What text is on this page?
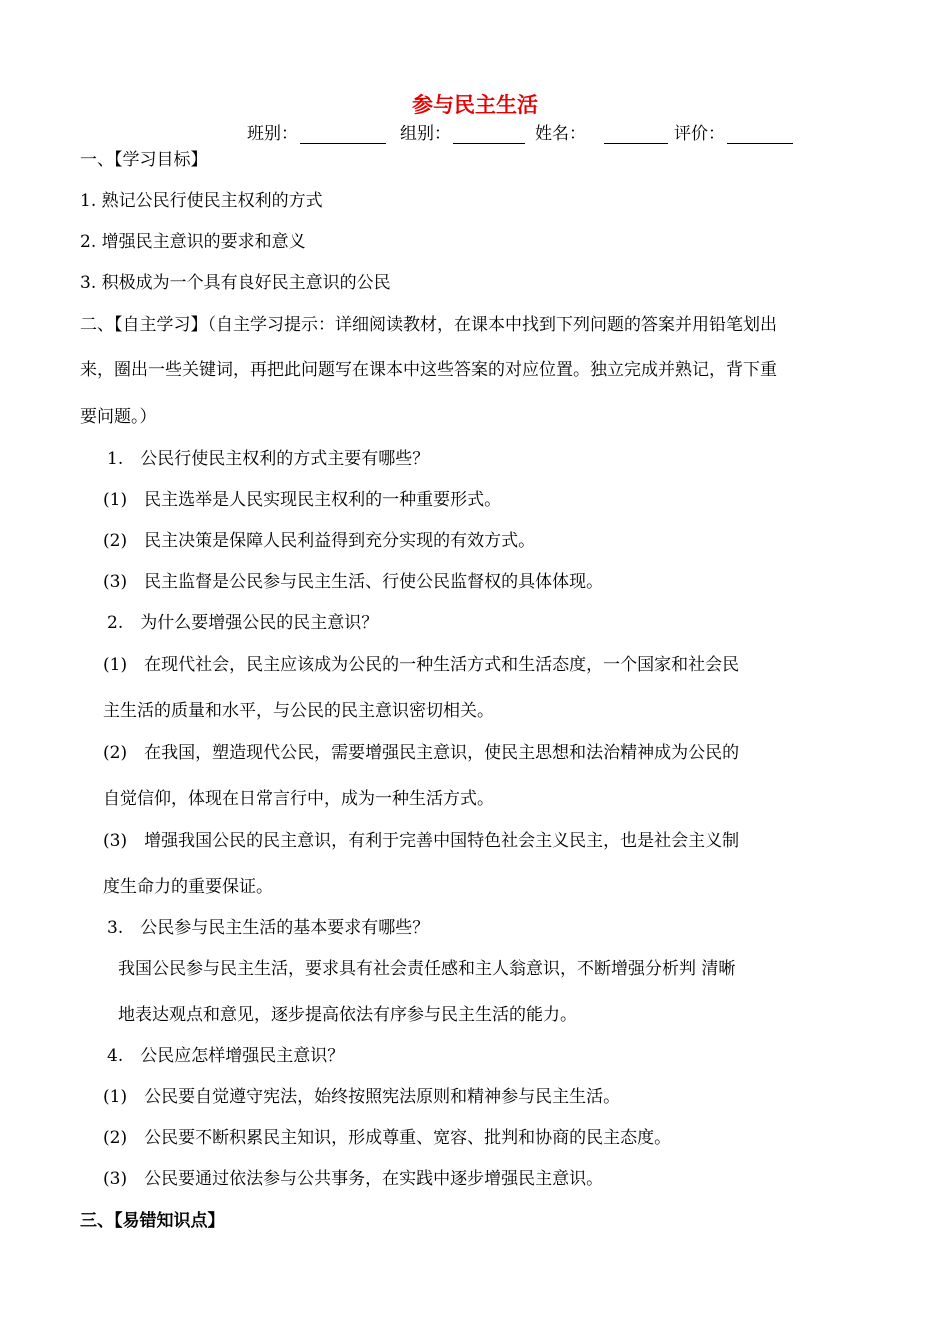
参与民主生活
班别：	组别：	姓名：	评价：
一、【学习目标】
1. 熟记公民行使民主权利的方式
2. 增强民主意识的要求和意义
3. 积极成为一个具有良好民主意识的公民
二、【自主学习】（自主学习提示：详细阅读教材，在课本中找到下列问题的答案并用铅笔划出
来，圈出一些关键词，再把此问题写在课本中这些答案的对应位置。独立完成并熟记，背下重
要问题。）
1.　公民行使民主权利的方式主要有哪些？
(1)　民主选举是人民实现民主权利的一种重要形式。
(2)　民主决策是保障人民利益得到充分实现的有效方式。
(3)　民主监督是公民参与民主生活、行使公民监督权的具体体现。
2.　为什么要增强公民的民主意识？
(1)　在现代社会，民主应该成为公民的一种生活方式和生活态度，一个国家和社会民
主生活的质量和水平，与公民的民主意识密切相关。
(2)　在我国，塑造现代公民，需要增强民主意识，使民主思想和法治精神成为公民的
自觉信仰，体现在日常言行中，成为一种生活方式。
(3)　增强我国公民的民主意识，有利于完善中国特色社会主义民主，也是社会主义制
度生命力的重要保证。
3.　公民参与民主生活的基本要求有哪些？
我国公民参与民主生活，要求具有社会责任感和主人翁意识，不断增强分析判 清晰
地表达观点和意见，逐步提高依法有序参与民主生活的能力。
4.　公民应怎样增强民主意识？
(1)　公民要自觉遵守宪法，始终按照宪法原则和精神参与民主生活。
(2)　公民要不断积累民主知识，形成尊重、宽容、批判和协商的民主态度。
(3)　公民要通过依法参与公共事务，在实践中逐步增强民主意识。
三、【易错知识点】
